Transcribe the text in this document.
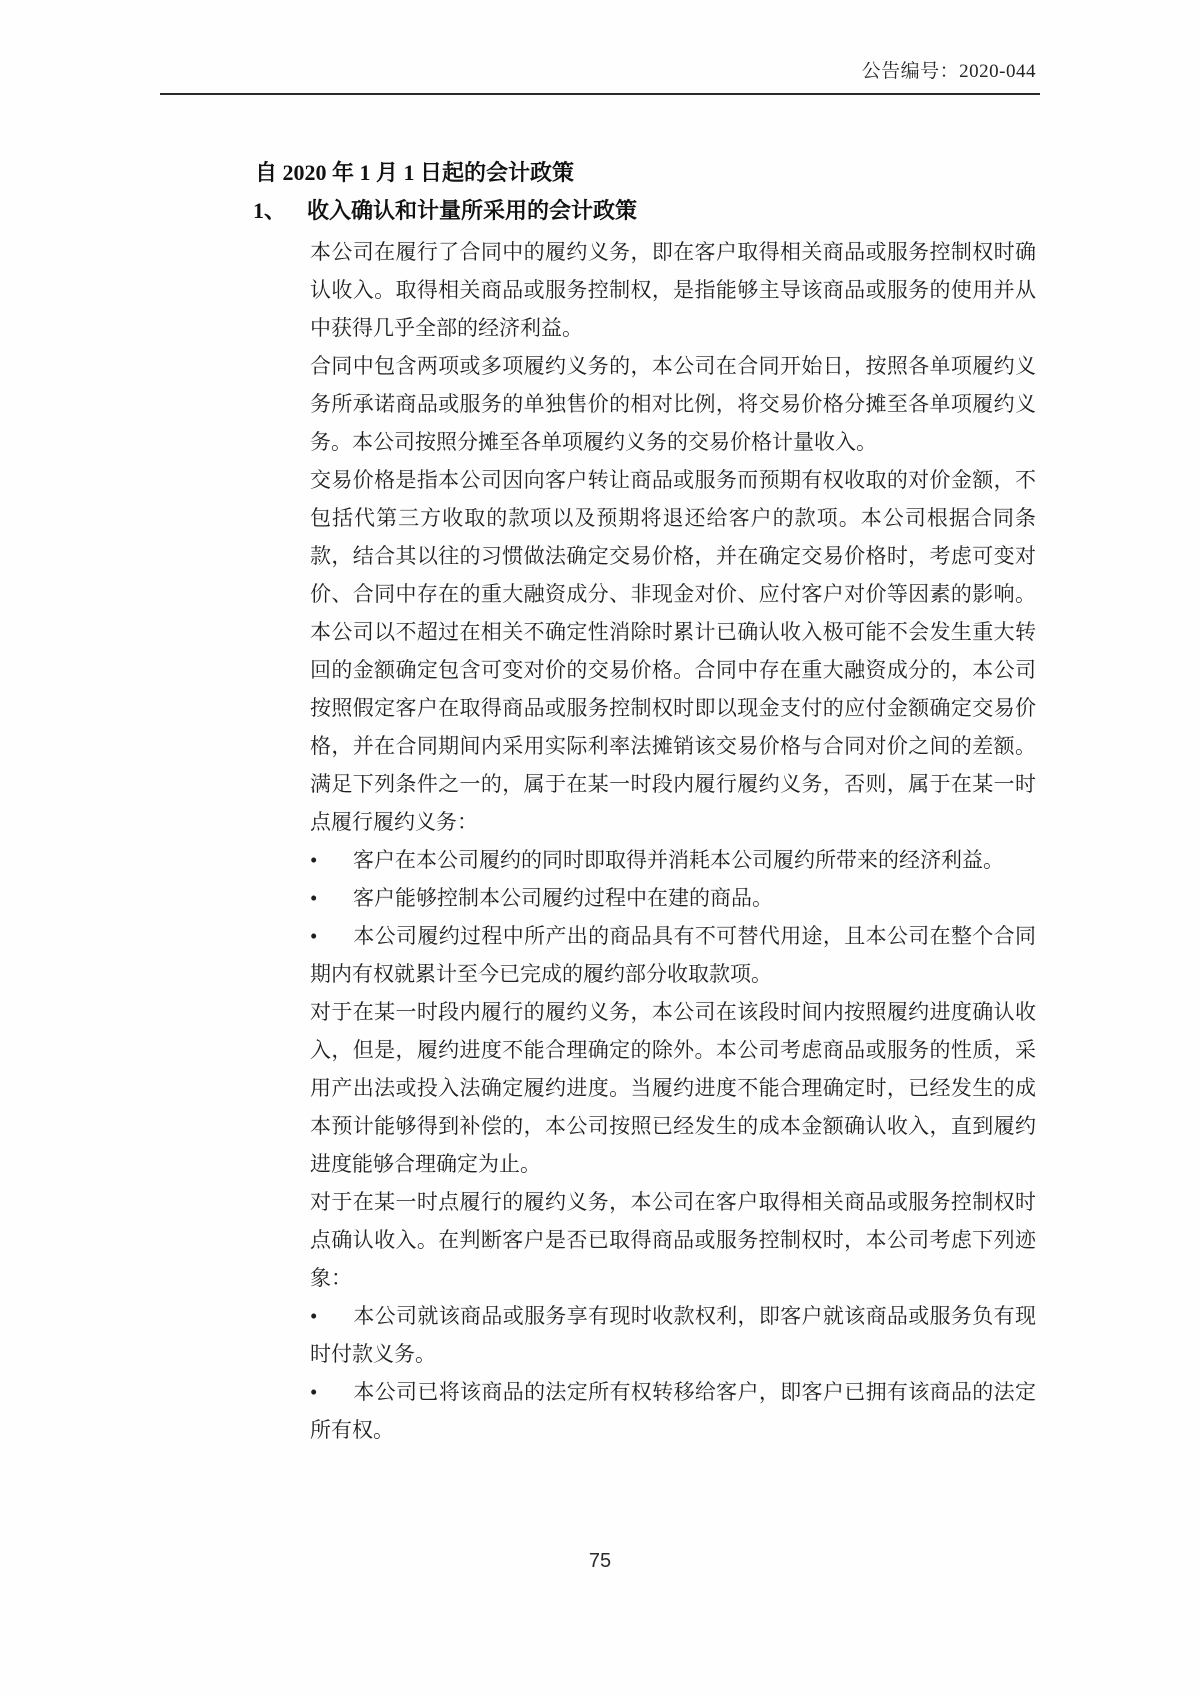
公告编号：2020-044
自 2020 年 1 月 1 日起的会计政策
1、 收入确认和计量所采用的会计政策

本公司在履行了合同中的履约义务，即在客户取得相关商品或服务控制权时确认收入。取得相关商品或服务控制权，是指能够主导该商品或服务的使用并从中获得几乎全部的经济利益。

合同中包含两项或多项履约义务的，本公司在合同开始日，按照各单项履约义务所承诺商品或服务的单独售价的相对比例，将交易价格分摊至各单项履约义务。本公司按照分摊至各单项履约义务的交易价格计量收入。

交易价格是指本公司因向客户转让商品或服务而预期有权收取的对价金额，不包括代第三方收取的款项以及预期将退还给客户的款项。本公司根据合同条款，结合其以往的习惯做法确定交易价格，并在确定交易价格时，考虑可变对价、合同中存在的重大融资成分、非现金对价、应付客户对价等因素的影响。本公司以不超过在相关不确定性消除时累计已确认收入极可能不会发生重大转回的金额确定包含可变对价的交易价格。合同中存在重大融资成分的，本公司按照假定客户在取得商品或服务控制权时即以现金支付的应付金额确定交易价格，并在合同期间内采用实际利率法摊销该交易价格与合同对价之间的差额。满足下列条件之一的，属于在某一时段内履行履约义务，否则，属于在某一时点履行履约义务：

• 客户在本公司履约的同时即取得并消耗本公司履约所带来的经济利益。

• 客户能够控制本公司履约过程中在建的商品。

• 本公司履约过程中所产出的商品具有不可替代用途，且本公司在整个合同期内有权就累计至今已完成的履约部分收取款项。

对于在某一时段内履行的履约义务，本公司在该段时间内按照履约进度确认收入，但是，履约进度不能合理确定的除外。本公司考虑商品或服务的性质，采用产出法或投入法确定履约进度。当履约进度不能合理确定时，已经发生的成本预计能够得到补偿的，本公司按照已经发生的成本金额确认收入，直到履约进度能够合理确定为止。

对于在某一时点履行的履约义务，本公司在客户取得相关商品或服务控制权时点确认收入。在判断客户是否已取得商品或服务控制权时，本公司考虑下列迹象：

• 本公司就该商品或服务享有现时收款权利，即客户就该商品或服务负有现时付款义务。

• 本公司已将该商品的法定所有权转移给客户，即客户已拥有该商品的法定所有权。

75
